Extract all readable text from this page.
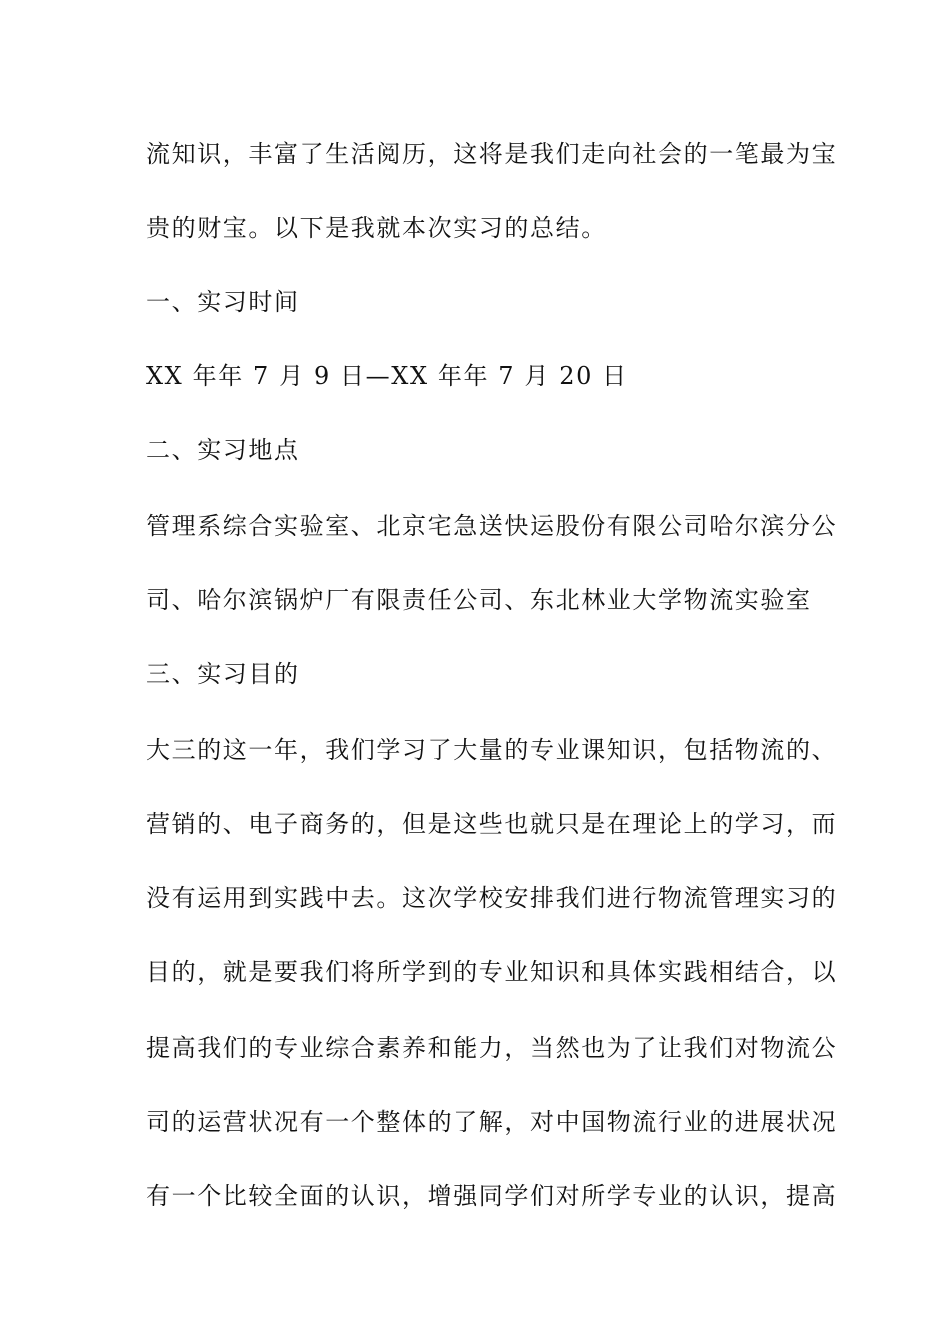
流知识，丰富了生活阅历，这将是我们走向社会的一笔最为宝
贵的财宝。以下是我就本次实习的总结。
一、实习时间
XX 年年 7 月 9 日—XX 年年 7 月 20 日
二、实习地点
管理系综合实验室、北京宅急送快运股份有限公司哈尔滨分公
司、哈尔滨锅炉厂有限责任公司、东北林业大学物流实验室
三、实习目的
大三的这一年，我们学习了大量的专业课知识，包括物流的、
营销的、电子商务的，但是这些也就只是在理论上的学习，而
没有运用到实践中去。这次学校安排我们进行物流管理实习的
目的，就是要我们将所学到的专业知识和具体实践相结合，以
提高我们的专业综合素养和能力，当然也为了让我们对物流公
司的运营状况有一个整体的了解，对中国物流行业的进展状况
有一个比较全面的认识，增强同学们对所学专业的认识，提高
